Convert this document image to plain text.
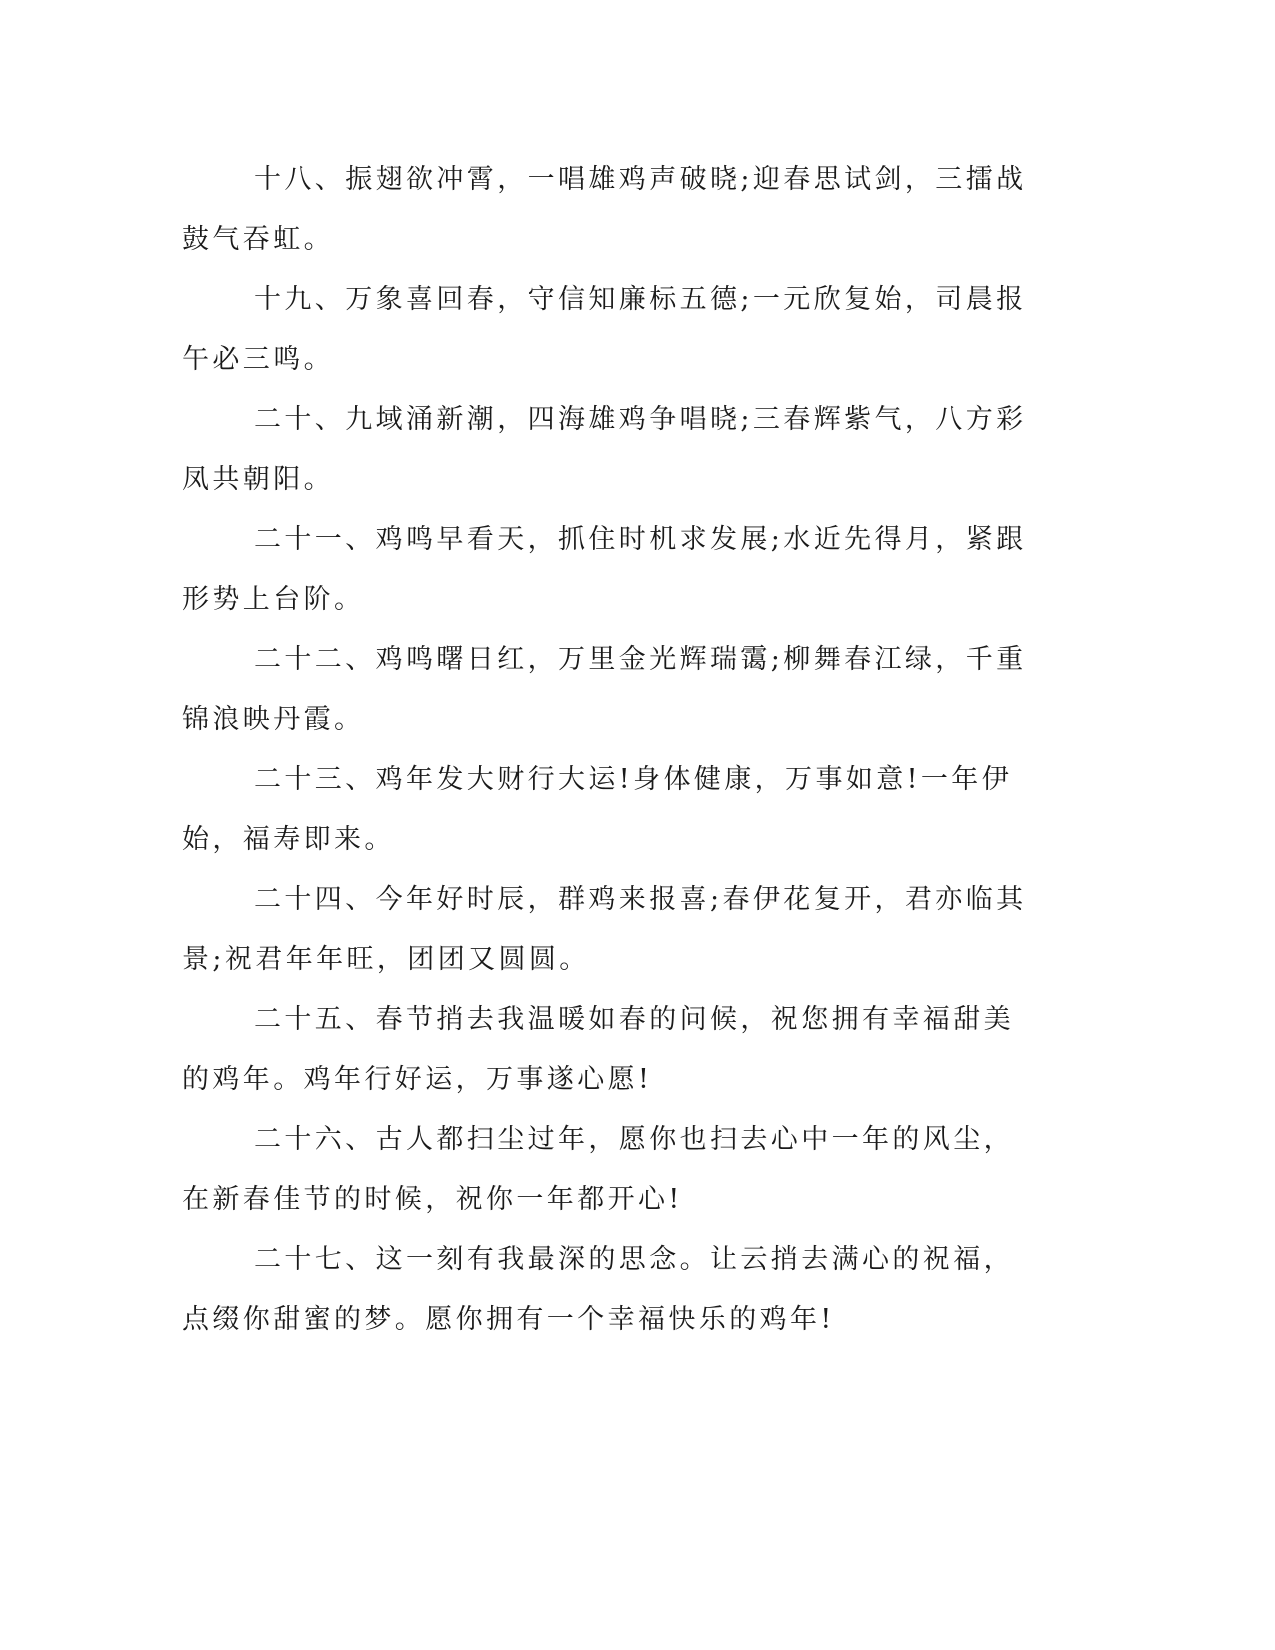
十八、振翅欲冲霄，一唱雄鸡声破晓;迎春思试剑，三擂战鼓气吞虹。

十九、万象喜回春，守信知廉标五德;一元欣复始，司晨报午必三鸣。

二十、九域涌新潮，四海雄鸡争唱晓;三春辉紫气，八方彩凤共朝阳。

二十一、鸡鸣早看天，抓住时机求发展;水近先得月，紧跟形势上台阶。

二十二、鸡鸣曙日红，万里金光辉瑞霭;柳舞春江绿，千重锦浪映丹霞。

二十三、鸡年发大财行大运!身体健康，万事如意!一年伊始，福寿即来。

二十四、今年好时辰，群鸡来报喜;春伊花复开，君亦临其景;祝君年年旺，团团又圆圆。

二十五、春节捎去我温暖如春的问候，祝您拥有幸福甜美的鸡年。鸡年行好运，万事遂心愿!

二十六、古人都扫尘过年，愿你也扫去心中一年的风尘，在新春佳节的时候，祝你一年都开心!

二十七、这一刻有我最深的思念。让云捎去满心的祝福，点缀你甜蜜的梦。愿你拥有一个幸福快乐的鸡年!
